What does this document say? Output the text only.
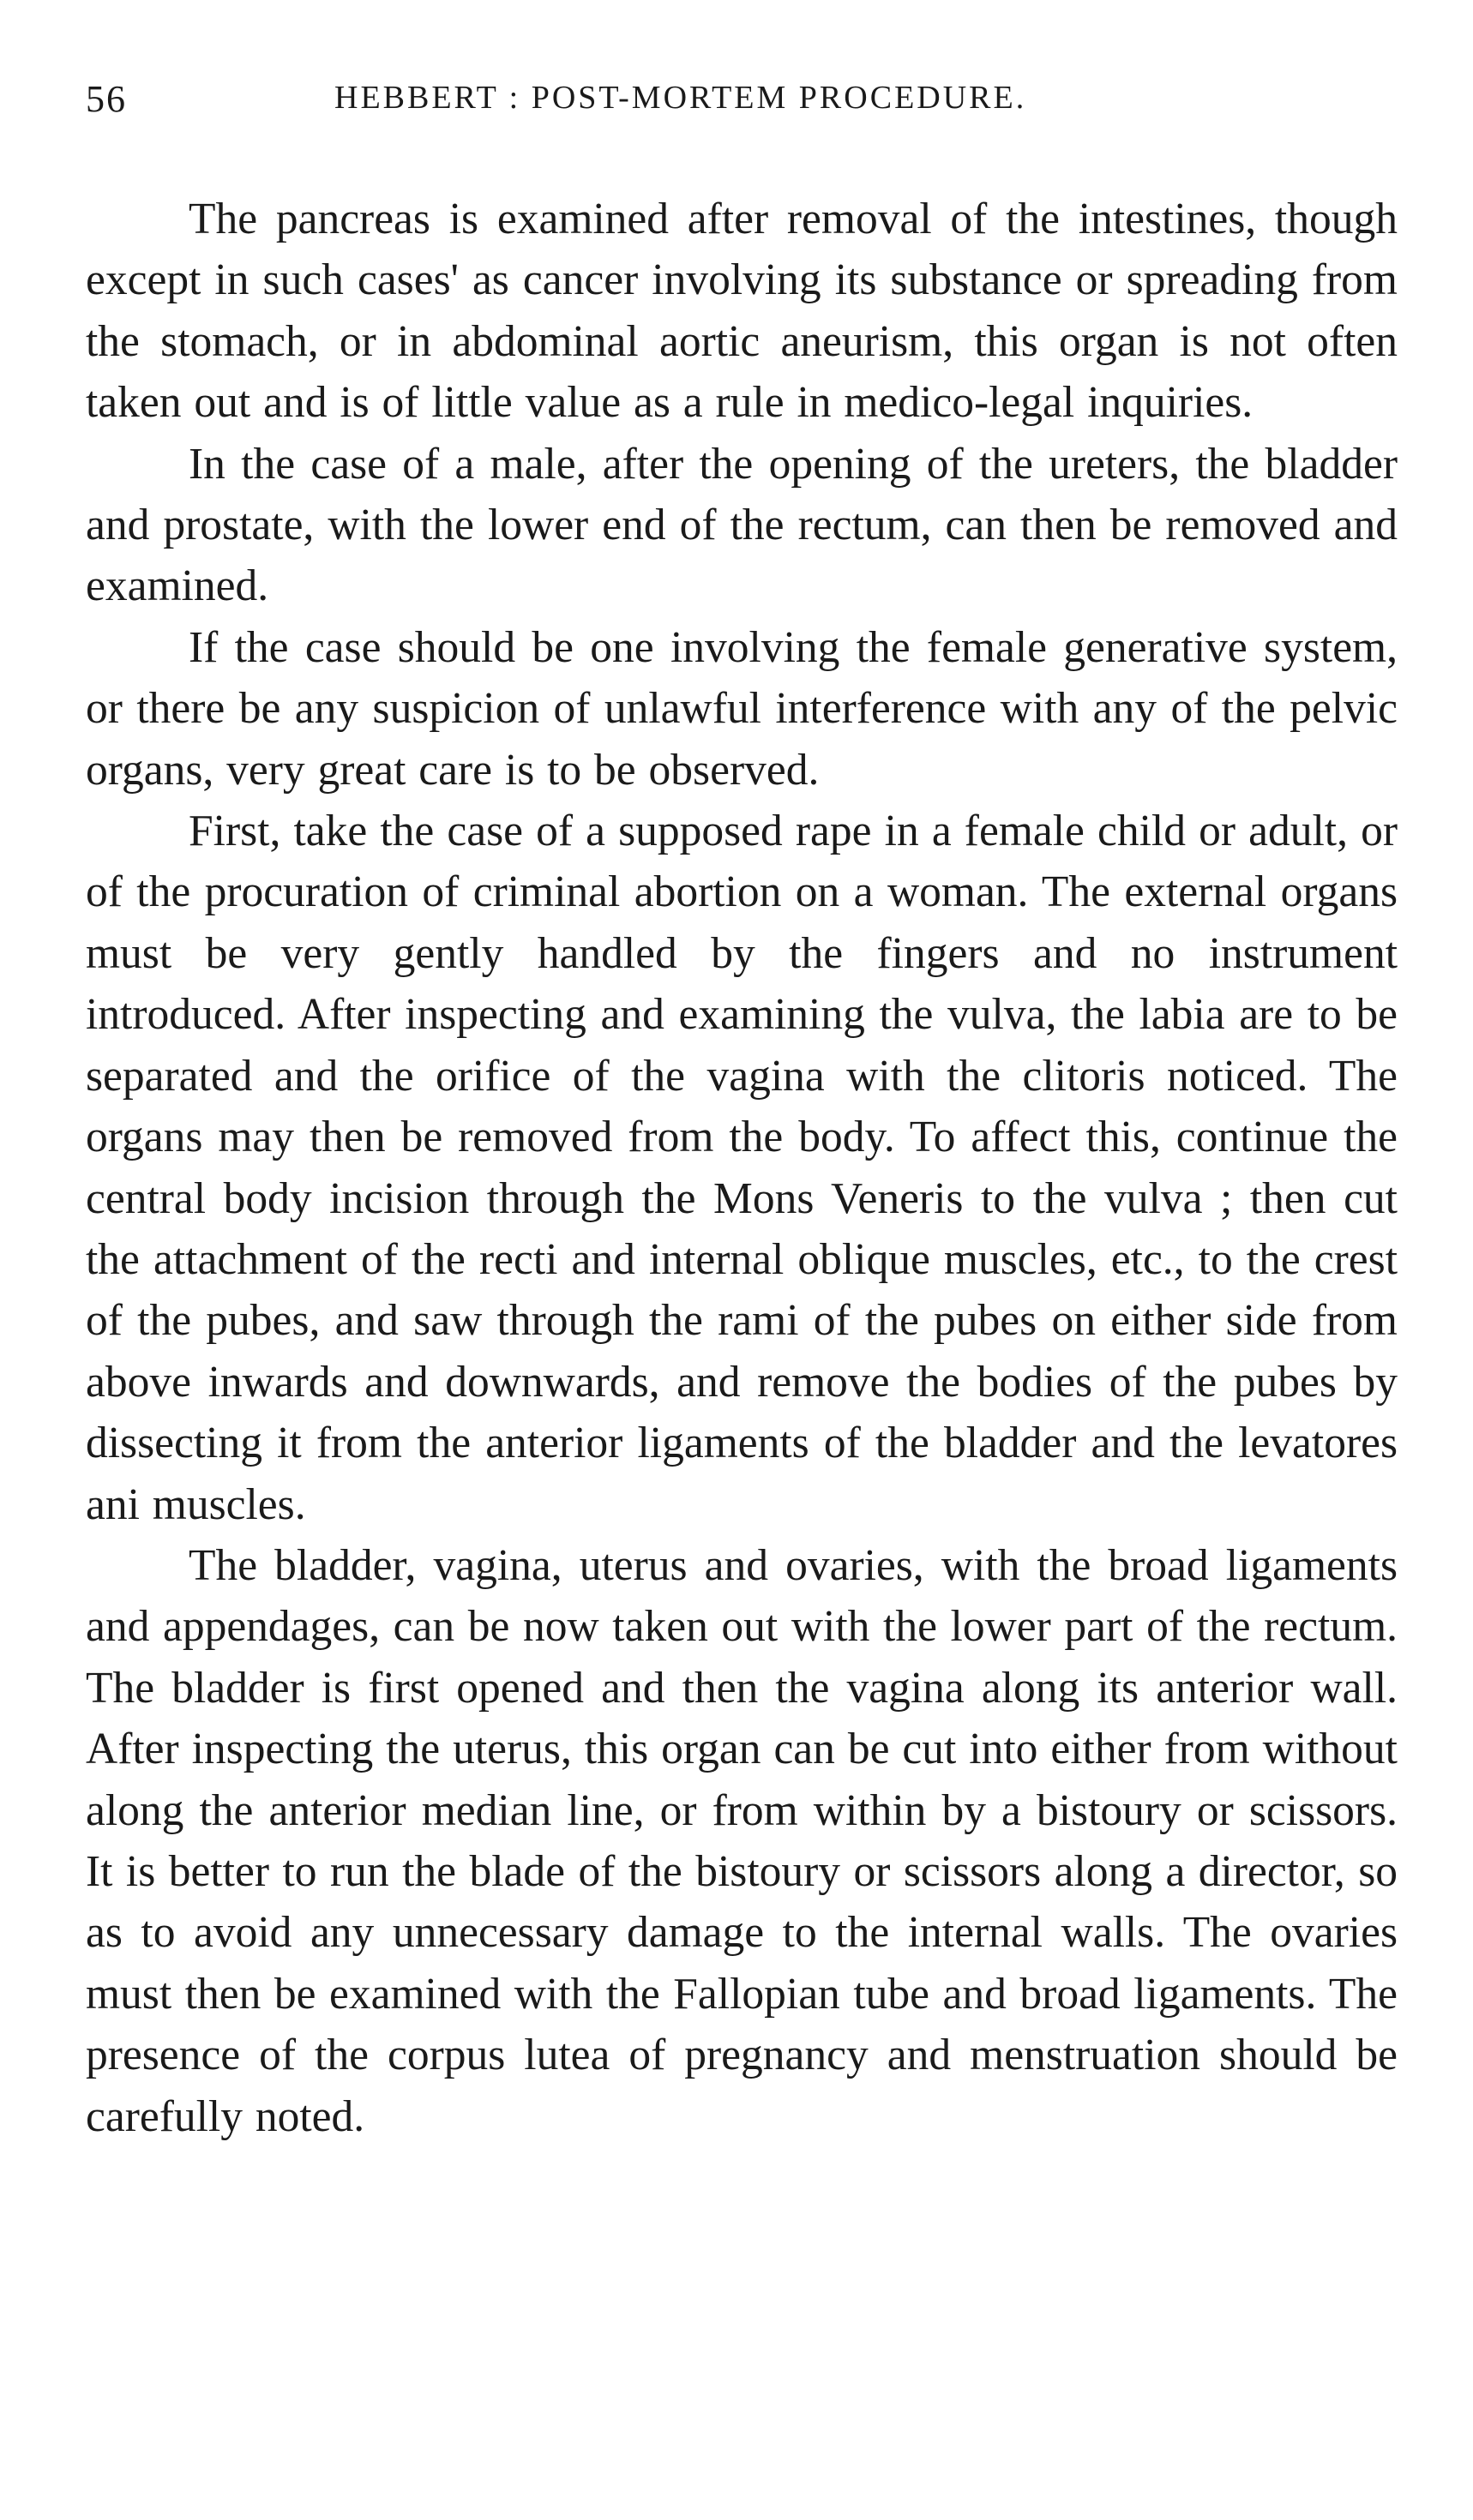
56	HEBBERT : POST-MORTEM PROCEDURE.

The pancreas is examined after removal of the intestines, though except in such cases' as cancer involving its substance or spreading from the stomach, or in abdominal aortic aneurism, this organ is not often taken out and is of little value as a rule in medico-legal inquiries.

In the case of a male, after the opening of the ureters, the bladder and prostate, with the lower end of the rectum, can then be removed and examined.

If the case should be one involving the female generative system, or there be any suspicion of unlawful interference with any of the pelvic organs, very great care is to be observed.

First, take the case of a supposed rape in a female child or adult, or of the procuration of criminal abortion on a woman. The external organs must be very gently handled by the fingers and no instrument introduced. After inspecting and examining the vulva, the labia are to be separated and the orifice of the vagina with the clitoris noticed. The organs may then be removed from the body. To affect this, continue the central body incision through the Mons Veneris to the vulva ; then cut the attachment of the recti and internal oblique muscles, etc., to the crest of the pubes, and saw through the rami of the pubes on either side from above inwards and downwards, and remove the bodies of the pubes by dissecting it from the anterior ligaments of the bladder and the levatores ani muscles.

The bladder, vagina, uterus and ovaries, with the broad ligaments and appendages, can be now taken out with the lower part of the rectum. The bladder is first opened and then the vagina along its anterior wall. After inspecting the uterus, this organ can be cut into either from without along the anterior median line, or from within by a bistoury or scissors. It is better to run the blade of the bistoury or scissors along a director, so as to avoid any unnecessary damage to the internal walls. The ovaries must then be examined with the Fallopian tube and broad ligaments. The presence of the corpus lutea of pregnancy and menstruation should be carefully noted.
